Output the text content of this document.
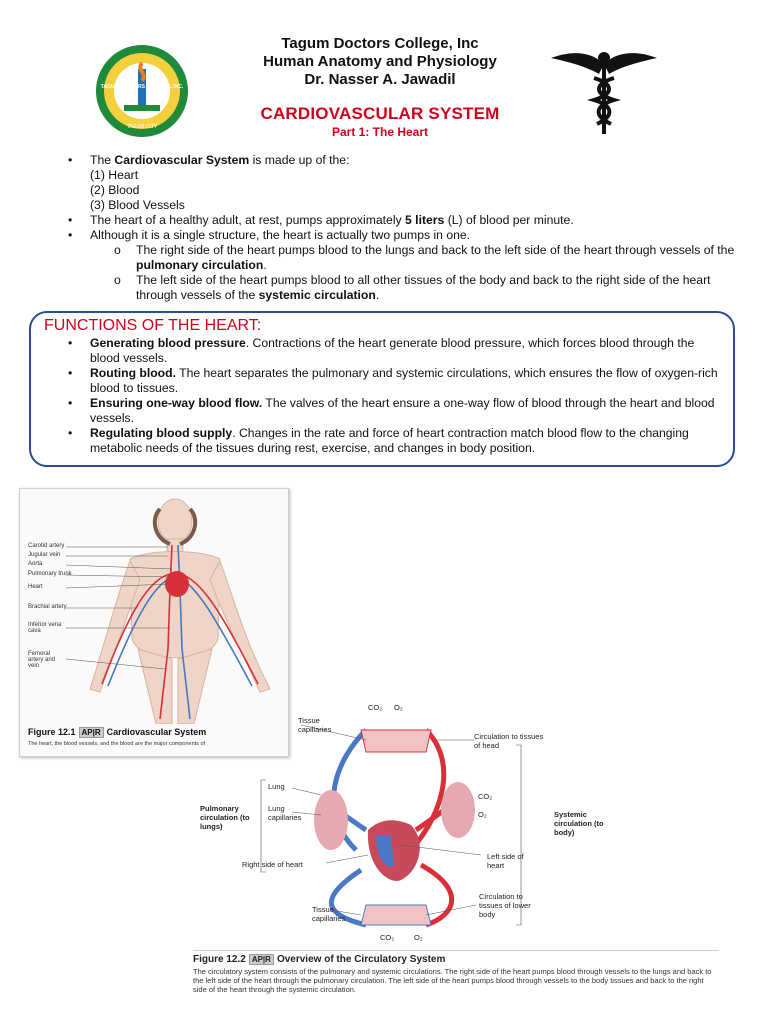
TAGUM DOCTORS COLLEGE, INC.
TAGUM CITY
Tagum Doctors College, Inc
Human Anatomy and Physiology
Dr. Nasser A. Jawadil
CARDIOVASCULAR SYSTEM
Part 1: The Heart
• The Cardiovascular System is made up of the:
(1) Heart
(2) Blood
(3) Blood Vessels
• The heart of a healthy adult, at rest, pumps approximately 5 liters (L) of blood per minute.
• Although it is a single structure, the heart is actually two pumps in one.
o The right side of the heart pumps blood to the lungs and back to the left side of the heart through vessels of the pulmonary circulation.
o The left side of the heart pumps blood to all other tissues of the body and back to the right side of the heart through vessels of the systemic circulation.
FUNCTIONS OF THE HEART:
• Generating blood pressure. Contractions of the heart generate blood pressure, which forces blood through the blood vessels.
• Routing blood. The heart separates the pulmonary and systemic circulations, which ensures the flow of oxygen-rich blood to tissues.
• Ensuring one-way blood flow. The valves of the heart ensure a one-way flow of blood through the heart and blood vessels.
• Regulating blood supply. Changes in the rate and force of heart contraction match blood flow to the changing metabolic needs of the tissues during rest, exercise, and changes in body position.
Carotid artery
Jugular vein
Aorta
Pulmonary trunk
Heart
Brachial artery
Inferior vena cava
Femoral artery and vein
Figure 12.1 AP|R Cardiovascular System
The heart, the blood vessels, and the blood are the major components of
CO₂ O₂
Tissue capillaries
Circulation to tissues of head
Lung
Lung capillaries
Pulmonary circulation (to lungs)
CO₂
O₂	Systemic circulation (to body)
Right side of heart
Left side of heart
Circulation to tissues of lower body
Tissue capillaries
CO₂	O₂
Figure 12.2 AP|R Overview of the Circulatory System
The circulatory system consists of the pulmonary and systemic circulations. The right side of the heart pumps blood through vessels to the lungs and back to the left side of the heart through the pulmonary circulation. The left side of the heart pumps blood through vessels to the body tissues and back to the right side of the heart through the systemic circulation.
